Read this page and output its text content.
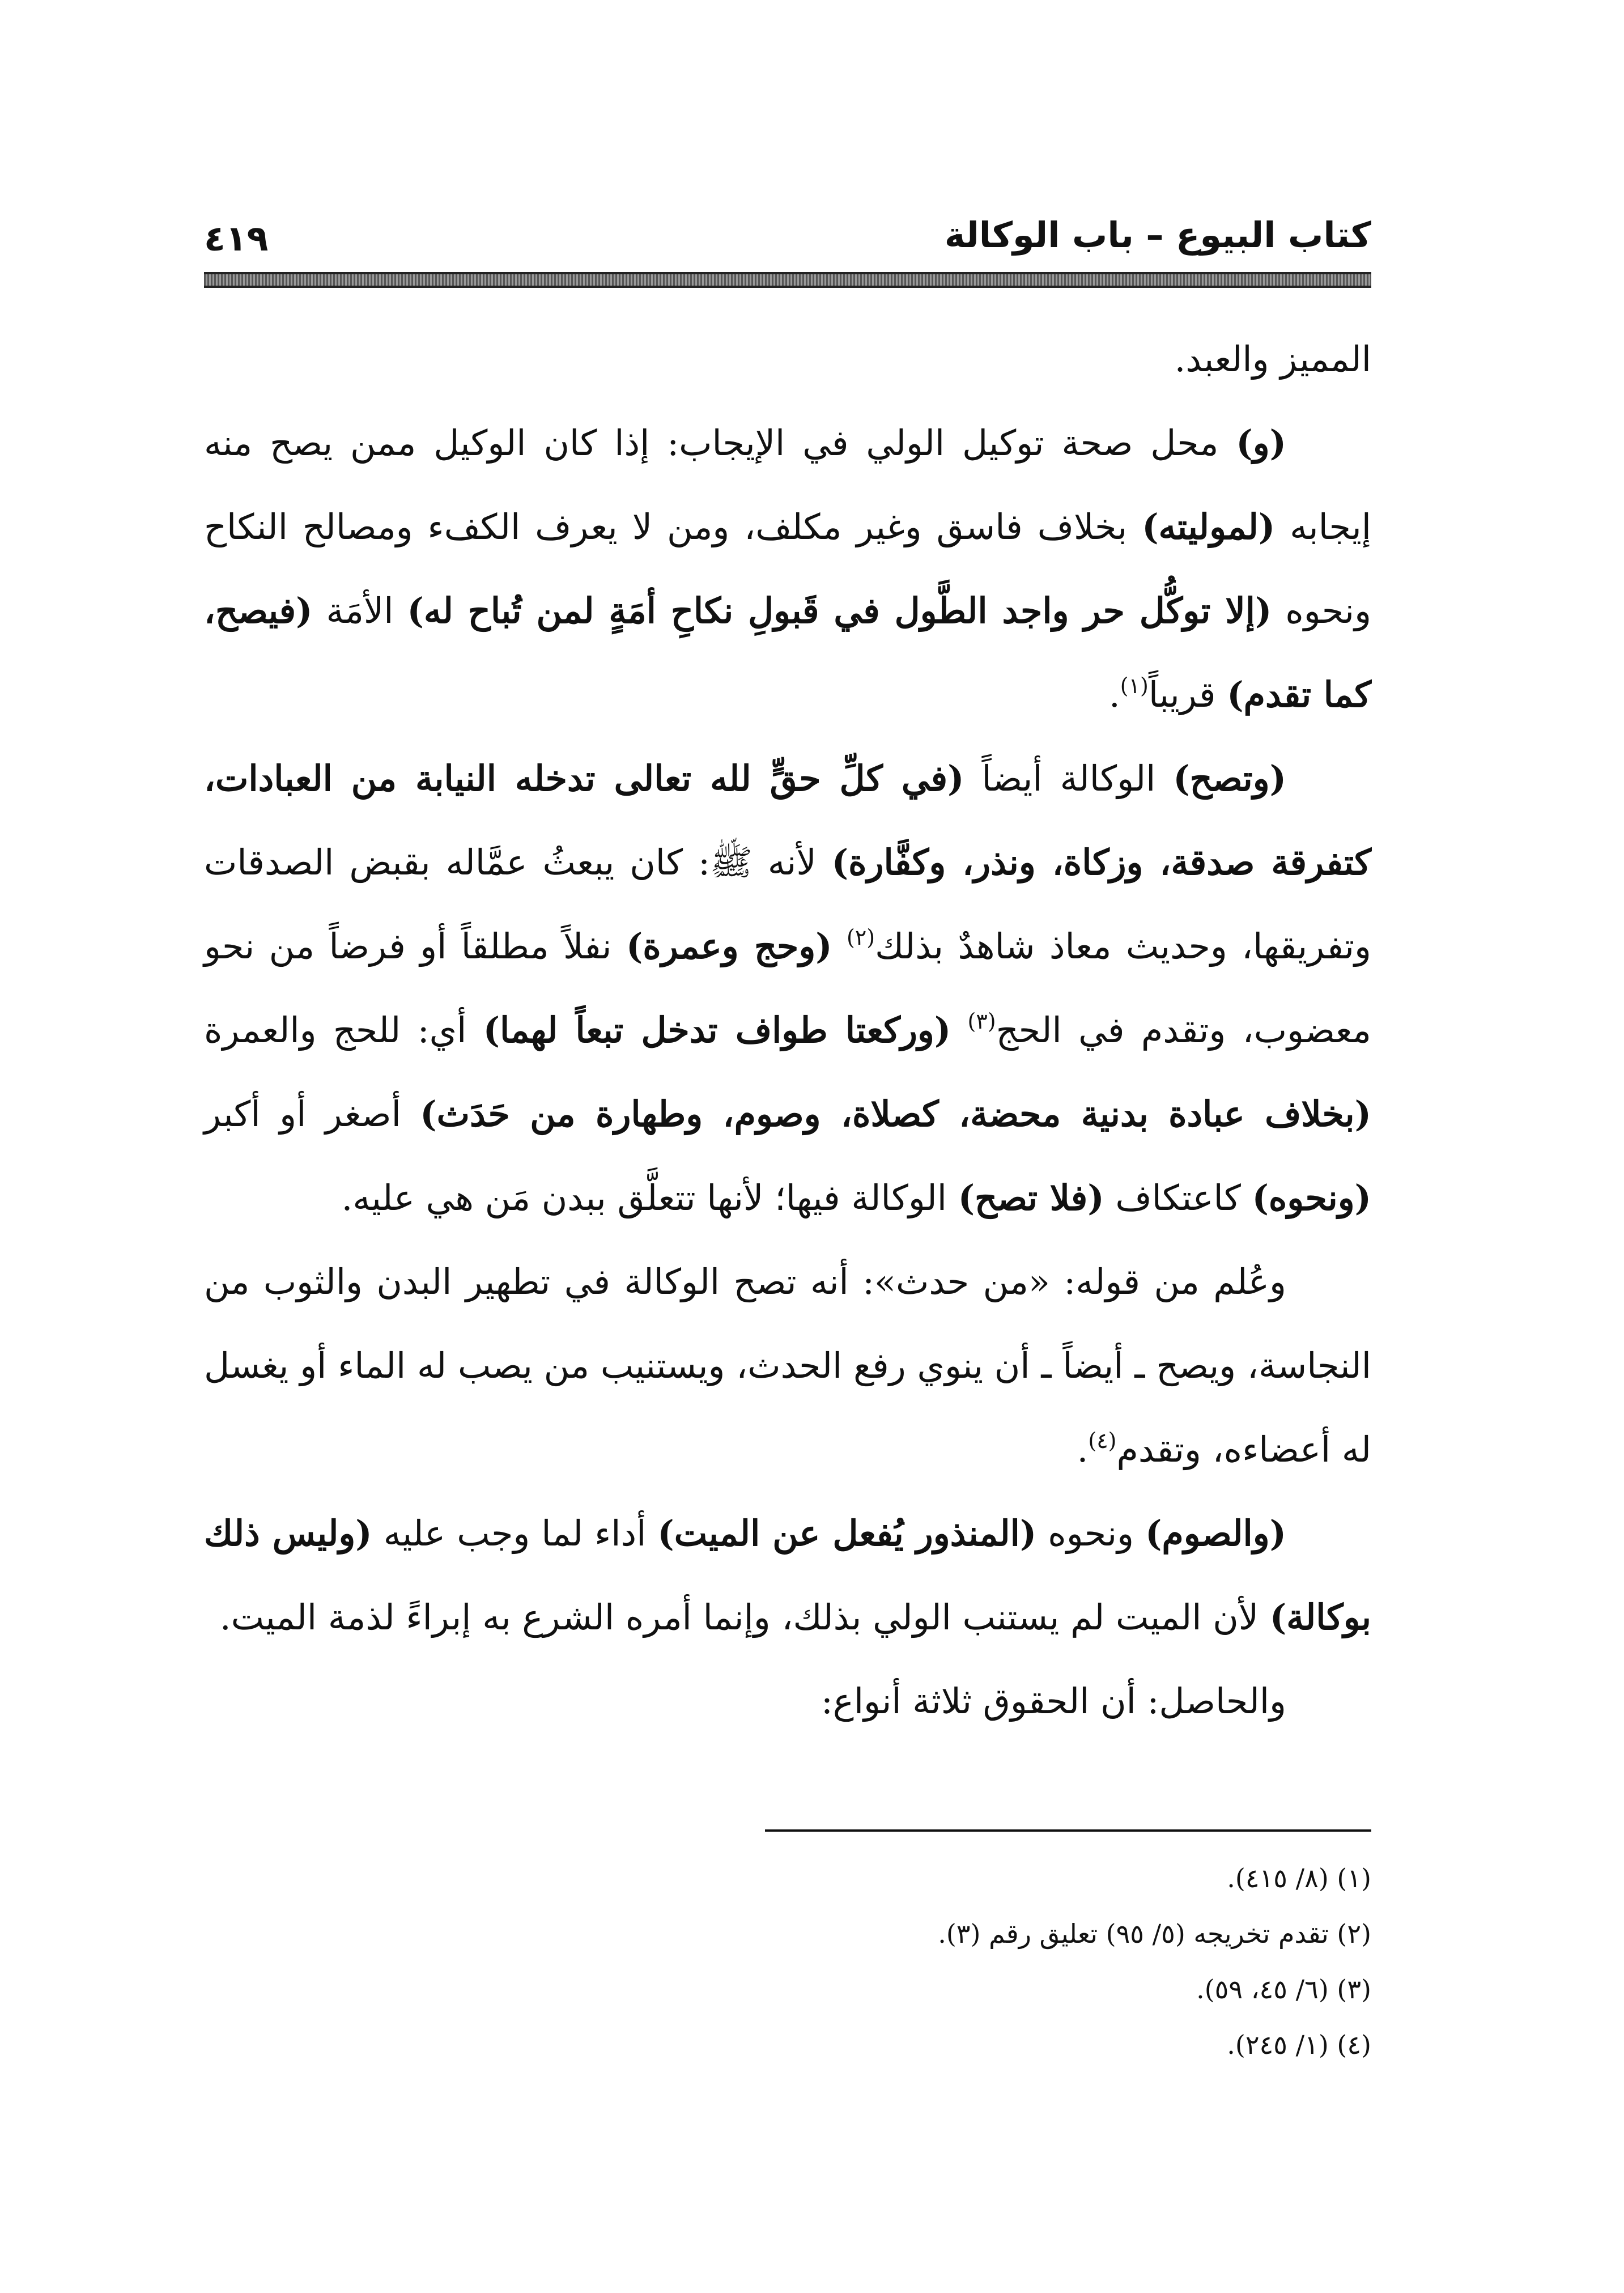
كتاب البيوع – باب الوكالة
٤١٩

المميز والعبد.

(و) محل صحة توكيل الولي في الإيجاب: إذا كان الوكيل ممن يصح منه إيجابه (لموليته) بخلاف فاسق وغير مكلف، ومن لا يعرف الكفء ومصالح النكاح ونحوه (إلا توكُّل حر واجد الطَّول في قَبولِ نكاحِ أمَةٍ لمن تُباح له) الأمَة (فيصح، كما تقدم) قريباً$^{(١)}$.

(وتصح) الوكالة أيضاً (في كلِّ حقٍّ لله تعالى تدخله النيابة من العبادات، كتفرقة صدقة، وزكاة، ونذر، وكفَّارة) لأنه ﷺ: كان يبعثُ عمَّاله بقبض الصدقات وتفريقها، وحديث معاذ شاهدٌ بذلك$^{(٢)}$ (وحج وعمرة) نفلاً مطلقاً أو فرضاً من نحو معضوب، وتقدم في الحج$^{(٣)}$ (وركعتا طواف تدخل تبعاً لهما) أي: للحج والعمرة (بخلاف عبادة بدنية محضة، كصلاة، وصوم، وطهارة من حَدَث) أصغر أو أكبر (ونحوه) كاعتكاف (فلا تصح) الوكالة فيها؛ لأنها تتعلَّق ببدن مَن هي عليه.

وعُلم من قوله: «من حدث»: أنه تصح الوكالة في تطهير البدن والثوب من النجاسة، ويصح ـ أيضاً ـ أن ينوي رفع الحدث، ويستنيب من يصب له الماء أو يغسل له أعضاءه، وتقدم$^{(٤)}$.

(والصوم) ونحوه (المنذور يُفعل عن الميت) أداء لما وجب عليه (وليس ذلك بوكالة) لأن الميت لم يستنب الولي بذلك، وإنما أمره الشرع به إبراءً لذمة الميت.

والحاصل: أن الحقوق ثلاثة أنواع:

(١) (٨/ ٤١٥).
(٢) تقدم تخريجه (٥/ ٩٥) تعليق رقم (٣).
(٣) (٦/ ٤٥، ٥٩).
(٤) (١/ ٢٤٥).
